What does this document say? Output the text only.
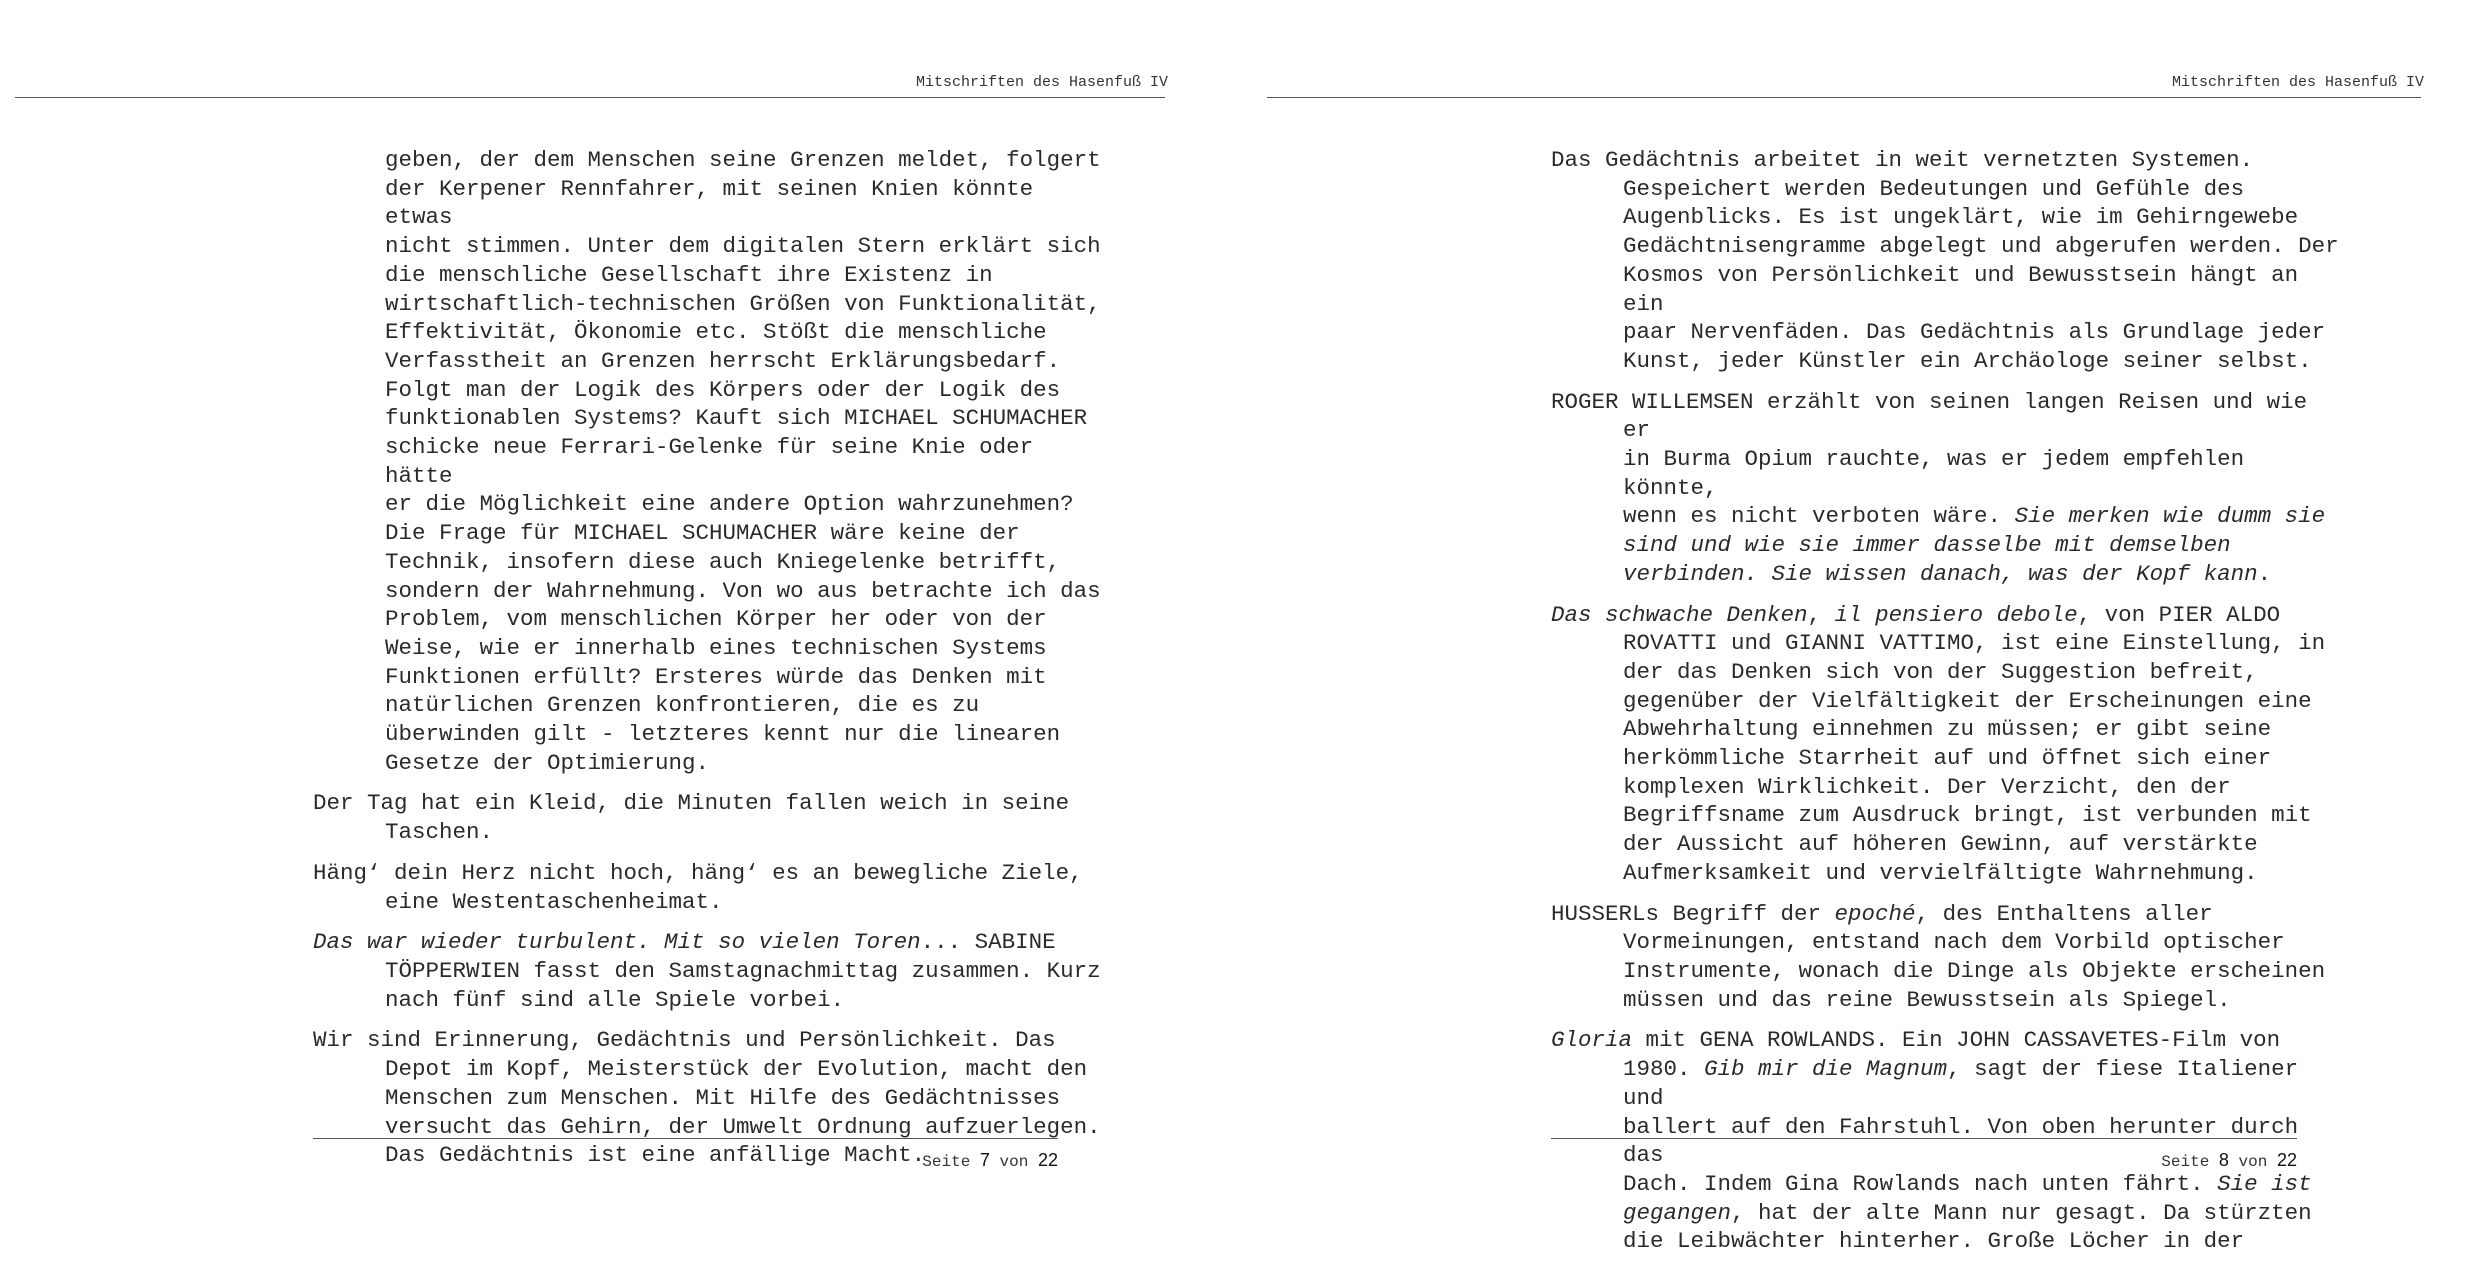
Mitschriften des Hasenfuß IV

geben, der dem Menschen seine Grenzen meldet, folgert
der Kerpener Rennfahrer, mit seinen Knien könnte etwas
nicht stimmen. Unter dem digitalen Stern erklärt sich
die menschliche Gesellschaft ihre Existenz in
wirtschaftlich-technischen Größen von Funktionalität,
Effektivität, Ökonomie etc. Stößt die menschliche
Verfasstheit an Grenzen herrscht Erklärungsbedarf.
Folgt man der Logik des Körpers oder der Logik des
funktionablen Systems? Kauft sich MICHAEL SCHUMACHER
schicke neue Ferrari-Gelenke für seine Knie oder hätte
er die Möglichkeit eine andere Option wahrzunehmen?
Die Frage für MICHAEL SCHUMACHER wäre keine der
Technik, insofern diese auch Kniegelenke betrifft,
sondern der Wahrnehmung. Von wo aus betrachte ich das
Problem, vom menschlichen Körper her oder von der
Weise, wie er innerhalb eines technischen Systems
Funktionen erfüllt? Ersteres würde das Denken mit
natürlichen Grenzen konfrontieren, die es zu
überwinden gilt - letzteres kennt nur die linearen
Gesetze der Optimierung.

Der Tag hat ein Kleid, die Minuten fallen weich in seine
Taschen.

Häng‘ dein Herz nicht hoch, häng‘ es an bewegliche Ziele,
eine Westentaschenheimat.

Das war wieder turbulent. Mit so vielen Toren... SABINE
TÖPPERWIEN fasst den Samstagnachmittag zusammen. Kurz
nach fünf sind alle Spiele vorbei.

Wir sind Erinnerung, Gedächtnis und Persönlichkeit. Das
Depot im Kopf, Meisterstück der Evolution, macht den
Menschen zum Menschen. Mit Hilfe des Gedächtnisses
versucht das Gehirn, der Umwelt Ordnung aufzuerlegen.
Das Gedächtnis ist eine anfällige Macht.

Seite 7 von 22
Mitschriften des Hasenfuß IV

Das Gedächtnis arbeitet in weit vernetzten Systemen.
Gespeichert werden Bedeutungen und Gefühle des
Augenblicks. Es ist ungeklärt, wie im Gehirngewebe
Gedächtnisengramme abgelegt und abgerufen werden. Der
Kosmos von Persönlichkeit und Bewusstsein hängt an ein
paar Nervenfäden. Das Gedächtnis als Grundlage jeder
Kunst, jeder Künstler ein Archäologe seiner selbst.

ROGER WILLEMSEN erzählt von seinen langen Reisen und wie er
in Burma Opium rauchte, was er jedem empfehlen könnte,
wenn es nicht verboten wäre. Sie merken wie dumm sie
sind und wie sie immer dasselbe mit demselben
verbinden. Sie wissen danach, was der Kopf kann.

Das schwache Denken, il pensiero debole, von PIER ALDO
ROVATTI und GIANNI VATTIMO, ist eine Einstellung, in
der das Denken sich von der Suggestion befreit,
gegenüber der Vielfältigkeit der Erscheinungen eine
Abwehrhaltung einnehmen zu müssen; er gibt seine
herkömmliche Starrheit auf und öffnet sich einer
komplexen Wirklichkeit. Der Verzicht, den der
Begriffsname zum Ausdruck bringt, ist verbunden mit
der Aussicht auf höheren Gewinn, auf verstärkte
Aufmerksamkeit und vervielfältigte Wahrnehmung.

HUSSERLs Begriff der epoché, des Enthaltens aller
Vormeinungen, entstand nach dem Vorbild optischer
Instrumente, wonach die Dinge als Objekte erscheinen
müssen und das reine Bewusstsein als Spiegel.

Gloria mit GENA ROWLANDS. Ein JOHN CASSAVETES-Film von
1980. Gib mir die Magnum, sagt der fiese Italiener und
ballert auf den Fahrstuhl. Von oben herunter durch das
Dach. Indem Gina Rowlands nach unten fährt. Sie ist
gegangen, hat der alte Mann nur gesagt. Da stürzten
die Leibwächter hinterher. Große Löcher in der

Seite 8 von 22
